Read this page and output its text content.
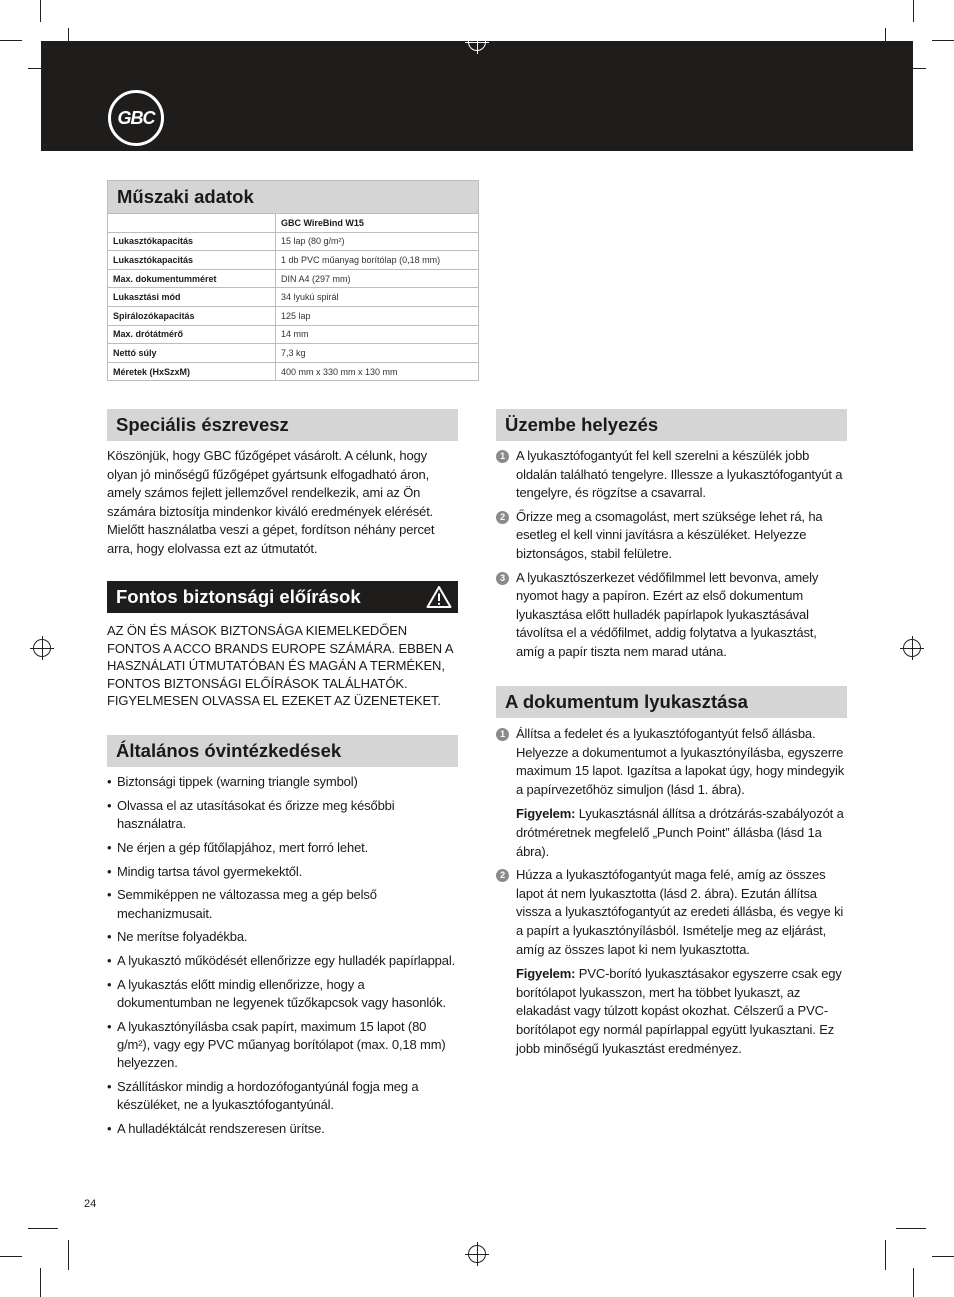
GBC
Műszaki adatok
	GBC WireBind W15
Lukasztókapacitás	15 lap (80 g/m²)
Lukasztókapacitás	1 db PVC műanyag borítólap (0,18 mm)
Max. dokumentumméret	DIN A4 (297 mm)
Lukasztási mód	34 lyukú spirál
Spirálozókapacitás	125 lap
Max. drótátmérő	14 mm
Nettó súly	7,3 kg
Méretek (HxSzxM)	400 mm x 330 mm x 130 mm
Speciális észrevesz
Köszönjük, hogy GBC fűzőgépet vásárolt. A célunk, hogy olyan jó minőségű fűzőgépet gyártsunk elfogadható áron, amely számos fejlett jellemzővel rendelkezik, ami az Ön számára biztosítja mindenkor kiváló eredmények elérését. Mielőtt használatba veszi a gépet, fordítson néhány percet arra, hogy elolvassa ezt az útmutatót.
Fontos biztonsági előírások
AZ ÖN ÉS MÁSOK BIZTONSÁGA KIEMELKEDŐEN FONTOS A ACCO BRANDS EUROPE SZÁMÁRA. EBBEN A HASZNÁLATI ÚTMUTATÓBAN ÉS MAGÁN A TERMÉKEN, FONTOS BIZTONSÁGI ELŐÍRÁSOK TALÁLHATÓK. FIGYELMESEN OLVASSA EL EZEKET AZ ÜZENETEKET.
Általános óvintézkedések
• Biztonsági tippek (warning triangle symbol)
• Olvassa el az utasításokat és őrizze meg későbbi használatra.
• Ne érjen a gép fűtőlapjához, mert forró lehet.
• Mindig tartsa távol gyermekektől.
• Semmiképpen ne változassa meg a gép belső mechanizmusait.
• Ne merítse folyadékba.
• A lyukasztó működését ellenőrizze egy hulladék papírlappal.
• A lyukasztás előtt mindig ellenőrizze, hogy a dokumentumban ne legyenek tűzőkapcsok vagy hasonlók.
• A lyukasztónyílásba csak papírt, maximum 15 lapot (80 g/m²), vagy egy PVC műanyag borítólapot (max. 0,18 mm) helyezzen.
• Szállításkor mindig a hordozófogantyúnál fogja meg a készüléket, ne a lyukasztófogantyúnál.
• A hulladéktálcát rendszeresen ürítse.
Üzembe helyezés
1 A lyukasztófogantyút fel kell szerelni a készülék jobb oldalán található tengelyre. Illessze a lyukasztófogantyút a tengelyre, és rögzítse a csavarral.
2 Őrizze meg a csomagolást, mert szüksége lehet rá, ha esetleg el kell vinni javításra a készüléket. Helyezze biztonságos, stabil felületre.
3 A lyukasztószerkezet védőfilmmel lett bevonva, amely nyomot hagy a papíron. Ezért az első dokumentum lyukasztása előtt hulladék papírlapok lyukasztásával távolítsa el a védőfilmet, addig folytatva a lyukasztást, amíg a papír tiszta nem marad utána.
A dokumentum lyukasztása
1 Állítsa a fedelet és a lyukasztófogantyút felső állásba. Helyezze a dokumentumot a lyukasztónyílásba, egyszerre maximum 15 lapot. Igazítsa a lapokat úgy, hogy mindegyik a papírvezetőhöz simuljon (lásd 1. ábra).
Figyelem: Lyukasztásnál állítsa a drótzárás-szabályozót a drótméretnek megfelelő „Punch Point” állásba (lásd 1a ábra).
2 Húzza a lyukasztófogantyút maga felé, amíg az összes lapot át nem lyukasztotta (lásd 2. ábra). Ezután állítsa vissza a lyukasztófogantyút az eredeti állásba, és vegye ki a papírt a lyukasztónyílásból. Ismételje meg az eljárást, amíg az összes lapot ki nem lyukasztotta.
Figyelem: PVC-borító lyukasztásakor egyszerre csak egy borítólapot lyukasszon, mert ha többet lyukaszt, az elakadást vagy túlzott kopást okozhat. Célszerű a PVC-borítólapot egy normál papírlappal együtt lyukasztani. Ez jobb minőségű lyukasztást eredményez.
24
